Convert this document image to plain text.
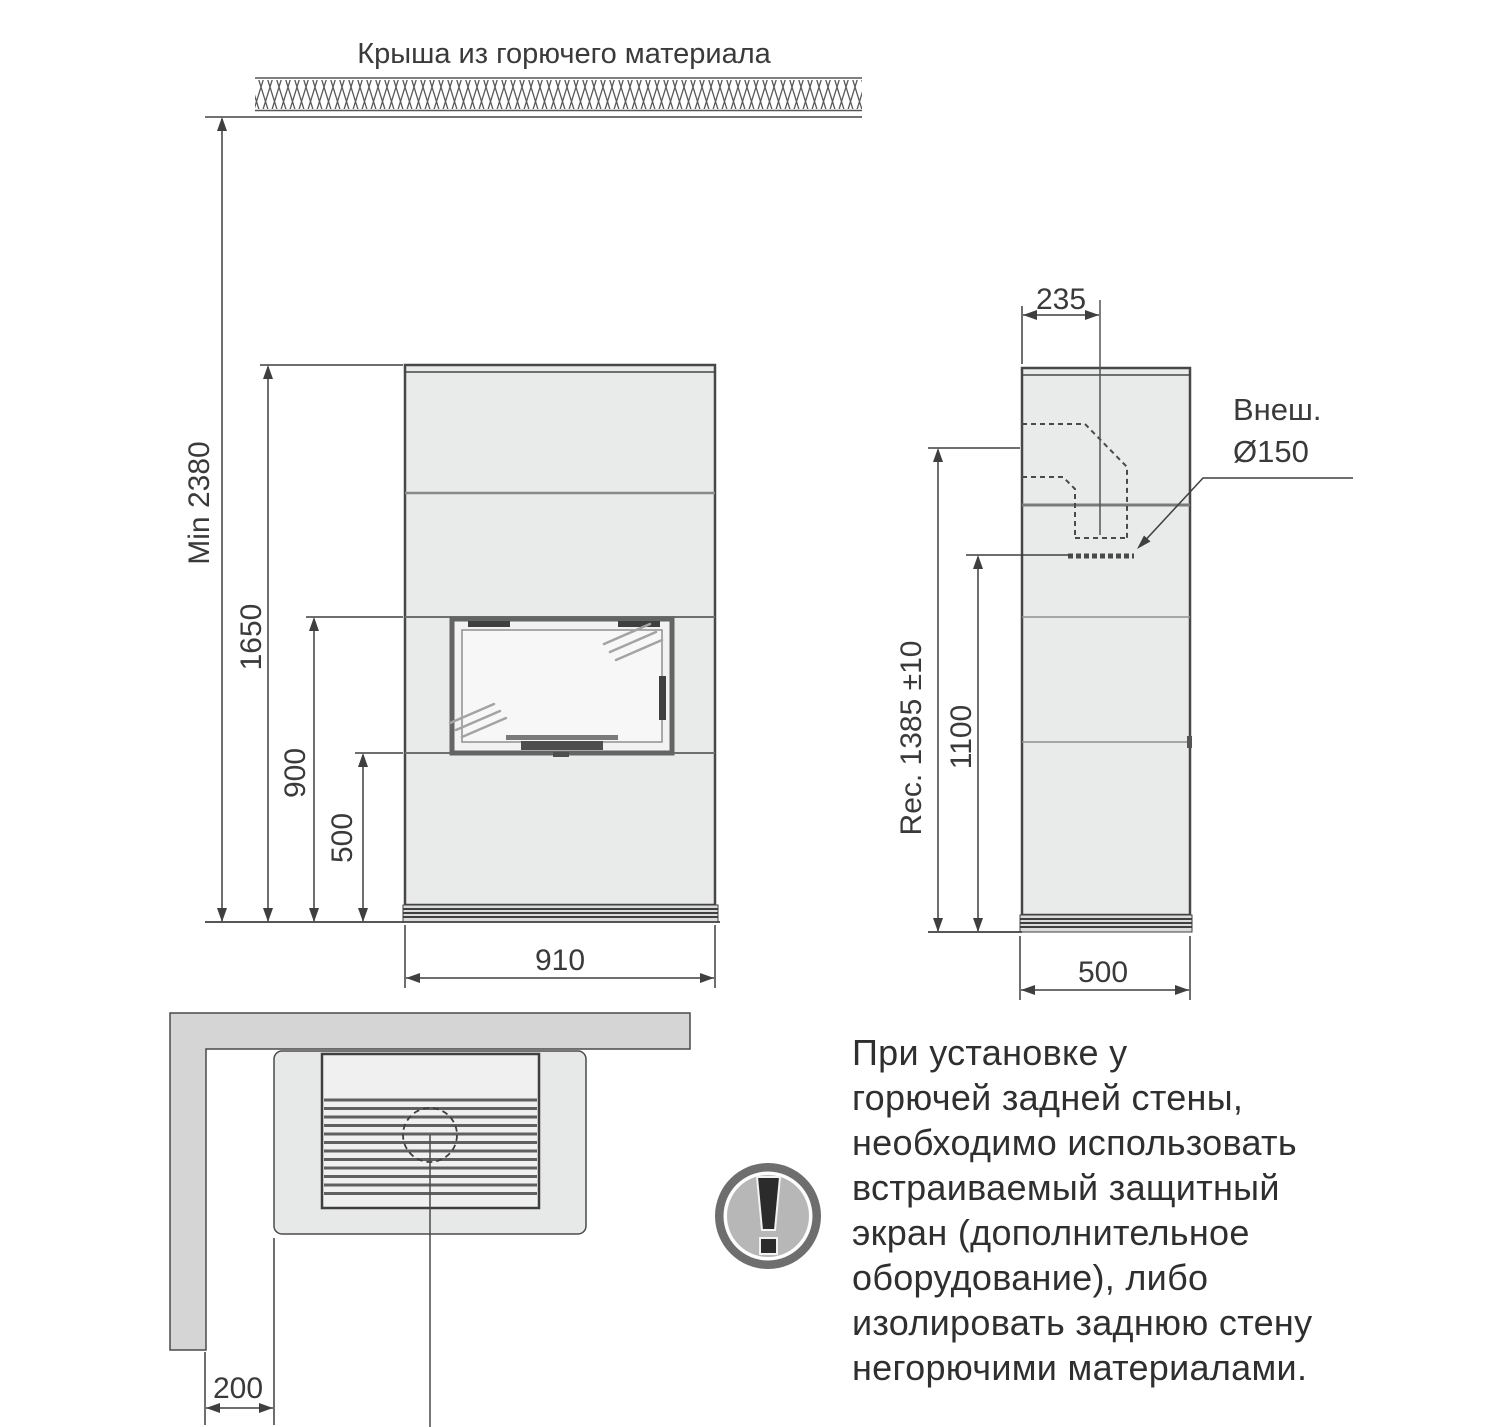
Крыша из горючего материала
Min 2380
1650
900
500
910
235
Rec. 1385 ±10 1100
500
Внеш.
Ø150
200
При установке у
горючей задней стены,
необходимо использовать
встраиваемый защитный
экран (дополнительное
оборудование), либо
изолировать заднюю стену
негорючими материалами.
